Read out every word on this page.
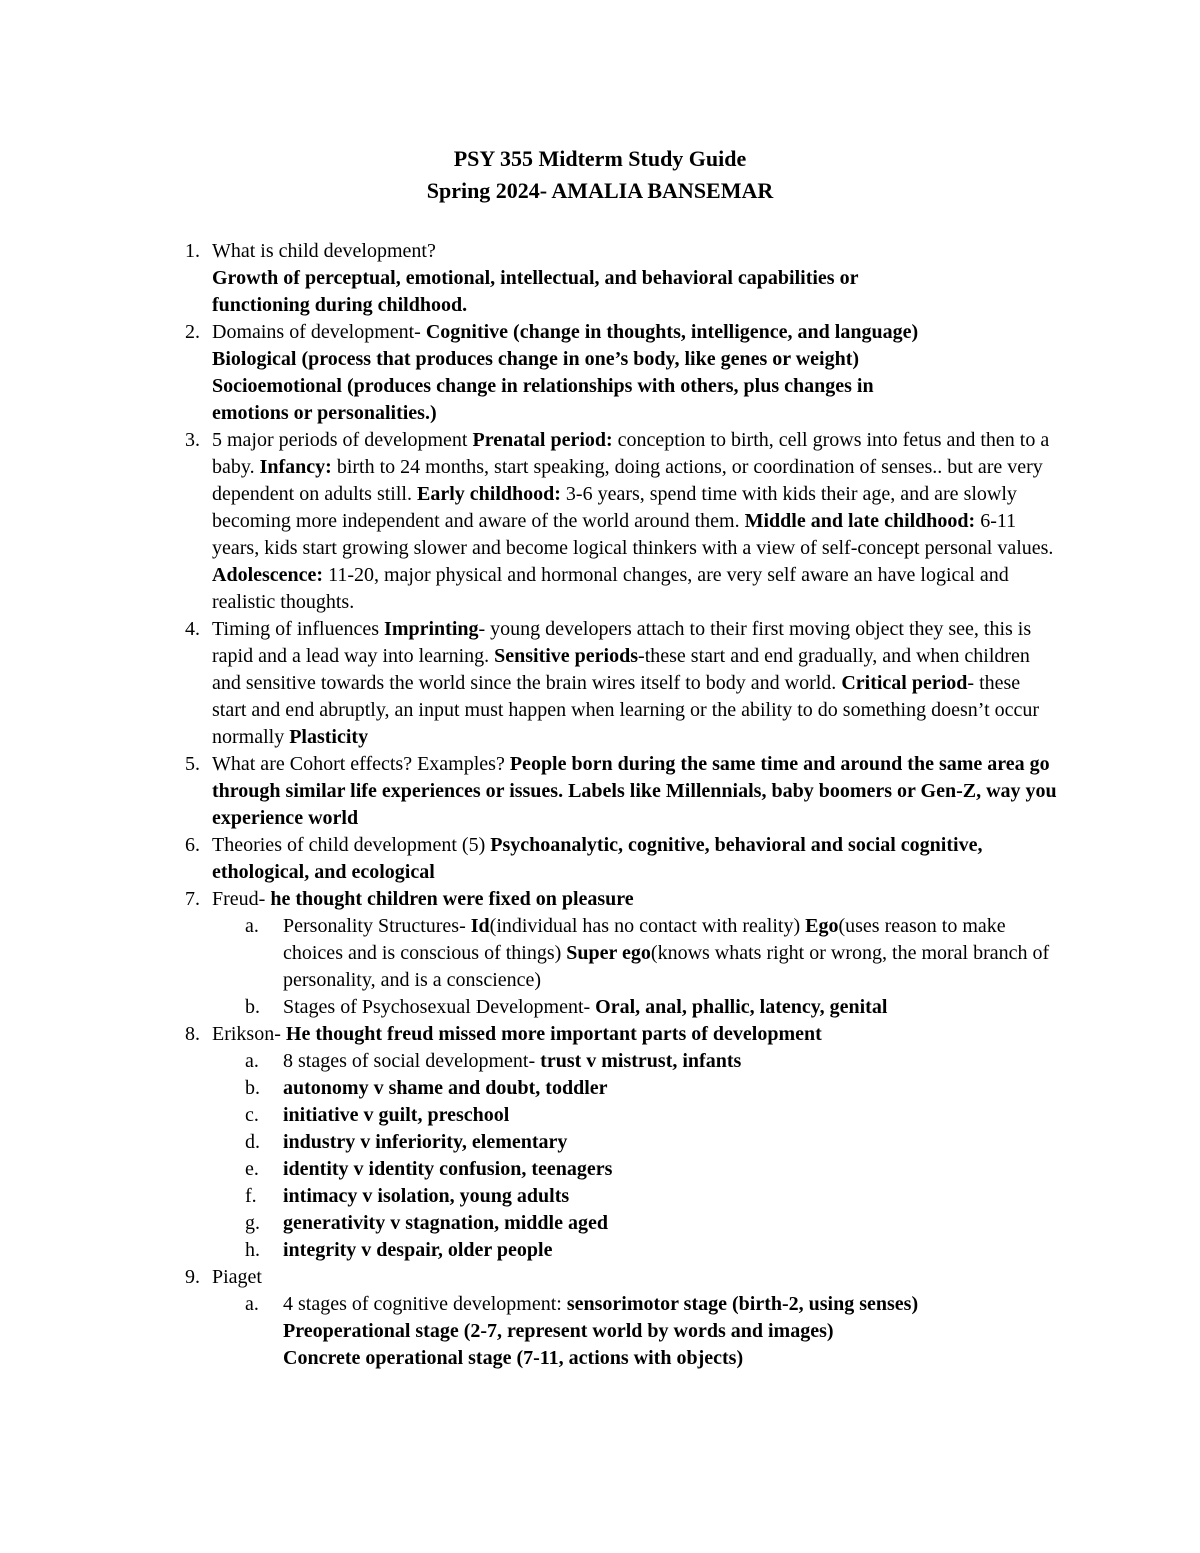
PSY 355 Midterm Study Guide
Spring 2024- AMALIA BANSEMAR
1. What is child development?
Growth of perceptual, emotional, intellectual, and behavioral capabilities or
functioning during childhood.
2. Domains of development- Cognitive (change in thoughts, intelligence, and language)
Biological (process that produces change in one’s body, like genes or weight)
Socioemotional (produces change in relationships with others, plus changes in
emotions or personalities.)
3. 5 major periods of development Prenatal period: conception to birth, cell grows into fetus and then to a baby. Infancy: birth to 24 months, start speaking, doing actions, or coordination of senses.. but are very dependent on adults still. Early childhood: 3-6 years, spend time with kids their age, and are slowly becoming more independent and aware of the world around them. Middle and late childhood: 6-11 years, kids start growing slower and become logical thinkers with a view of self-concept personal values. Adolescence: 11-20, major physical and hormonal changes, are very self aware an have logical and realistic thoughts.
4. Timing of influences Imprinting- young developers attach to their first moving object they see, this is rapid and a lead way into learning. Sensitive periods-these start and end gradually, and when children and sensitive towards the world since the brain wires itself to body and world. Critical period- these start and end abruptly, an input must happen when learning or the ability to do something doesn’t occur normally Plasticity
5. What are Cohort effects? Examples? People born during the same time and around the same area go through similar life experiences or issues. Labels like Millennials, baby boomers or Gen-Z, way you experience world
6. Theories of child development (5) Psychoanalytic, cognitive, behavioral and social cognitive, ethological, and ecological
7. Freud- he thought children were fixed on pleasure
a.	Personality Structures- Id(individual has no contact with reality) Ego(uses reason to make choices and is conscious of things) Super ego(knows whats right or wrong, the moral branch of personality, and is a conscience)
b. Stages of Psychosexual Development- Oral, anal, phallic, latency, genital
8. Erikson- He thought freud missed more important parts of development
a.	8 stages of social development- trust v mistrust, infants
b. autonomy v shame and doubt, toddler
c.	initiative v guilt, preschool
d. industry v inferiority, elementary
e.	identity v identity confusion, teenagers
f.	intimacy v isolation, young adults
g. generativity v stagnation, middle aged
h. integrity v despair, older people
9. Piaget
a.	4 stages of cognitive development: sensorimotor stage (birth-2, using senses)
Preoperational stage (2-7, represent world by words and images)
Concrete operational stage (7-11, actions with objects)
